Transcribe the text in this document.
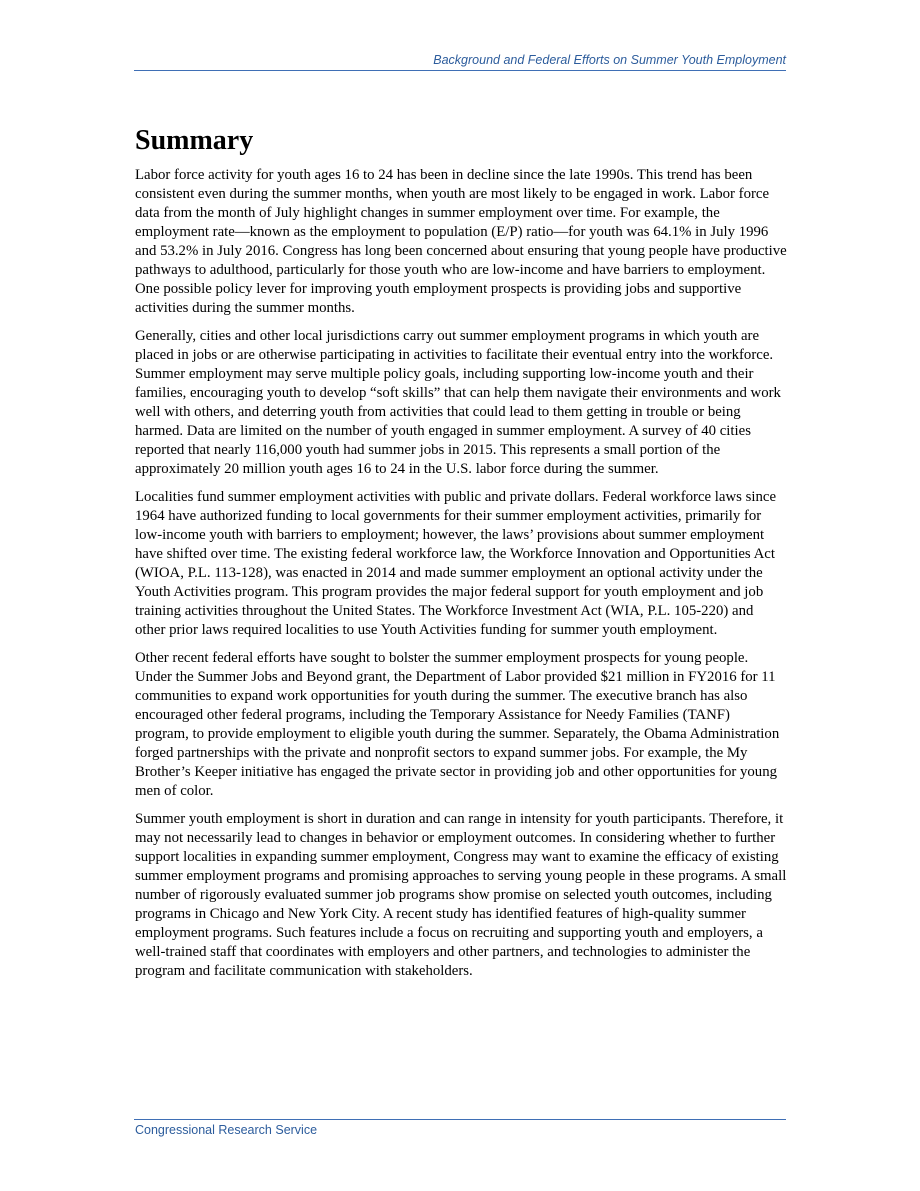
Background and Federal Efforts on Summer Youth Employment
Summary

Labor force activity for youth ages 16 to 24 has been in decline since the late 1990s. This trend has been consistent even during the summer months, when youth are most likely to be engaged in work. Labor force data from the month of July highlight changes in summer employment over time. For example, the employment rate—known as the employment to population (E/P) ratio—for youth was 64.1% in July 1996 and 53.2% in July 2016. Congress has long been concerned about ensuring that young people have productive pathways to adulthood, particularly for those youth who are low-income and have barriers to employment. One possible policy lever for improving youth employment prospects is providing jobs and supportive activities during the summer months.

Generally, cities and other local jurisdictions carry out summer employment programs in which youth are placed in jobs or are otherwise participating in activities to facilitate their eventual entry into the workforce. Summer employment may serve multiple policy goals, including supporting low-income youth and their families, encouraging youth to develop “soft skills” that can help them navigate their environments and work well with others, and deterring youth from activities that could lead to them getting in trouble or being harmed. Data are limited on the number of youth engaged in summer employment. A survey of 40 cities reported that nearly 116,000 youth had summer jobs in 2015. This represents a small portion of the approximately 20 million youth ages 16 to 24 in the U.S. labor force during the summer.

Localities fund summer employment activities with public and private dollars. Federal workforce laws since 1964 have authorized funding to local governments for their summer employment activities, primarily for low-income youth with barriers to employment; however, the laws’ provisions about summer employment have shifted over time. The existing federal workforce law, the Workforce Innovation and Opportunities Act (WIOA, P.L. 113-128), was enacted in 2014 and made summer employment an optional activity under the Youth Activities program. This program provides the major federal support for youth employment and job training activities throughout the United States. The Workforce Investment Act (WIA, P.L. 105-220) and other prior laws required localities to use Youth Activities funding for summer youth employment.

Other recent federal efforts have sought to bolster the summer employment prospects for young people. Under the Summer Jobs and Beyond grant, the Department of Labor provided $21 million in FY2016 for 11 communities to expand work opportunities for youth during the summer. The executive branch has also encouraged other federal programs, including the Temporary Assistance for Needy Families (TANF) program, to provide employment to eligible youth during the summer. Separately, the Obama Administration forged partnerships with the private and nonprofit sectors to expand summer jobs. For example, the My Brother’s Keeper initiative has engaged the private sector in providing job and other opportunities for young men of color.

Summer youth employment is short in duration and can range in intensity for youth participants. Therefore, it may not necessarily lead to changes in behavior or employment outcomes. In considering whether to further support localities in expanding summer employment, Congress may want to examine the efficacy of existing summer employment programs and promising approaches to serving young people in these programs. A small number of rigorously evaluated summer job programs show promise on selected youth outcomes, including programs in Chicago and New York City. A recent study has identified features of high-quality summer employment programs. Such features include a focus on recruiting and supporting youth and employers, a well-trained staff that coordinates with employers and other partners, and technologies to administer the program and facilitate communication with stakeholders.

Congressional Research Service
